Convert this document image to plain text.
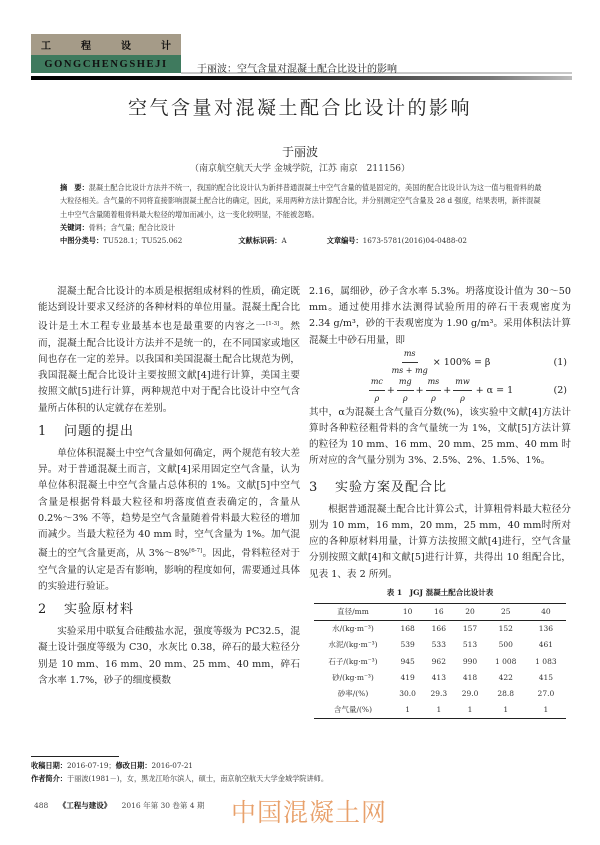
工	程	设	计
GONGCHENGSHEJI	于丽波：空气含量对混凝土配合比设计的影响
空气含量对混凝土配合比设计的影响
于丽波
（南京航空航天大学 金城学院，江苏 南京　211156）
摘　要：混凝土配合比设计方法并不统一，我国的配合比设计认为新拌普通混凝土中空气含量的值是固定的，美国的配合比设计认为这一值与粗骨料的最大粒径相关。含气量的不同将直接影响混凝土配合比的确定，因此，采用两种方法计算配合比，并分别测定空气含量及 28 d 强度，结果表明，新拌混凝土中空气含量随着粗骨料最大粒径的增加而减小，这一变化较明显，不能被忽略。
关键词：骨料；含气量；配合比设计
中图分类号：TU528.1；TU525.062	文献标识码：A	文章编号：1673-5781(2016)04-0488-02

混凝土配合比设计的本质是根据组成材料的性质，确定既能达到设计要求又经济的各种材料的单位用量。混凝土配合比设计是土木工程专业最基本也是最重要的内容之一[1-3]。然而，混凝土配合比设计方法并不是统一的，在不同国家或地区间也存在一定的差异。以我国和美国混凝土配合比规范为例，我国混凝土配合比设计主要按照文献[4]进行计算，美国主要按照文献[5]进行计算，两种规范中对于配合比设计中空气含量所占体积的认定就存在差别。

1 问题的提出

单位体积混凝土中空气含量如何确定，两个规范有较大差异。对于普通混凝土而言，文献[4]采用固定空气含量，认为单位体积混凝土中空气含量占总体积的 1%。文献[5]中空气含量是根据骨料最大粒径和坍落度值查表确定的，含量从 0.2%～3% 不等，趋势是空气含量随着骨料最大粒径的增加而减少。当最大粒径为 40 mm 时，空气含量为 1%。加气混凝土的空气含量更高，从 3%～8%[6-7]。因此，骨料粒径对于空气含量的认定是否有影响，影响的程度如何，需要通过具体的实验进行验证。

2 实验原材料

实验采用中联复合硅酸盐水泥，强度等级为 PC32.5，混凝土设计强度等级为 C30，水灰比 0.38，碎石的最大粒径分别是 10 mm、16 mm、20 mm、25 mm、40 mm，碎石含水率 1.7%，砂子的细度模数

2.16，属细砂，砂子含水率 5.3%。坍落度设计值为 30～50 mm。通过使用排水法测得试验所用的碎石干表观密度为 2.34 g/m³，砂的干表观密度为 1.90 g/m³。采用体积法计算混凝土中砂石用量，即

$\frac{ms}{ms + mg} \times 100\% = \beta$	(1)
$\frac{mc}{\rho} + \frac{mg}{\rho} + \frac{ms}{\rho} + \frac{mw}{\rho} + \alpha = 1$	(2)

其中，α为混凝土含气量百分数(%)，该实验中文献[4]方法计算时各种粒径粗骨料的含气量统一为 1%，文献[5]方法计算的粒径为 10 mm、16 mm、20 mm、25 mm、40 mm 时所对应的含气量分别为 3%、2.5%、2%、1.5%、1%。

3 实验方案及配合比

根据普通混凝土配合比计算公式，计算粗骨料最大粒径分别为 10 mm，16 mm，20 mm，25 mm，40 mm时所对应的各种原材料用量，计算方法按照文献[4]进行，空气含量分别按照文献[4]和文献[5]进行计算，共得出 10 组配合比，见表 1、表 2 所列。

表 1　JGJ 混凝土配合比设计表
直径/mm	10	16	20	25	40
水/(kg·m⁻³)	168	166	157	152	136
水泥/(kg·m⁻³)	539	533	513	500	461
石子/(kg·m⁻³)	945	962	990	1 008	1 083
砂/(kg·m⁻³)	419	413	418	422	415
砂率/(%)	30.0	29.3	29.0	28.8	27.0
含气量/(%)	1	1	1	1	1
收稿日期：2016-07-19；修改日期：2016-07-21
作者简介：于丽波(1981－)，女，黑龙江哈尔滨人，硕士，南京航空航天大学金城学院讲师。
488 《工程与建设》 2016 年第 30 卷第 4 期 中国混凝土网
